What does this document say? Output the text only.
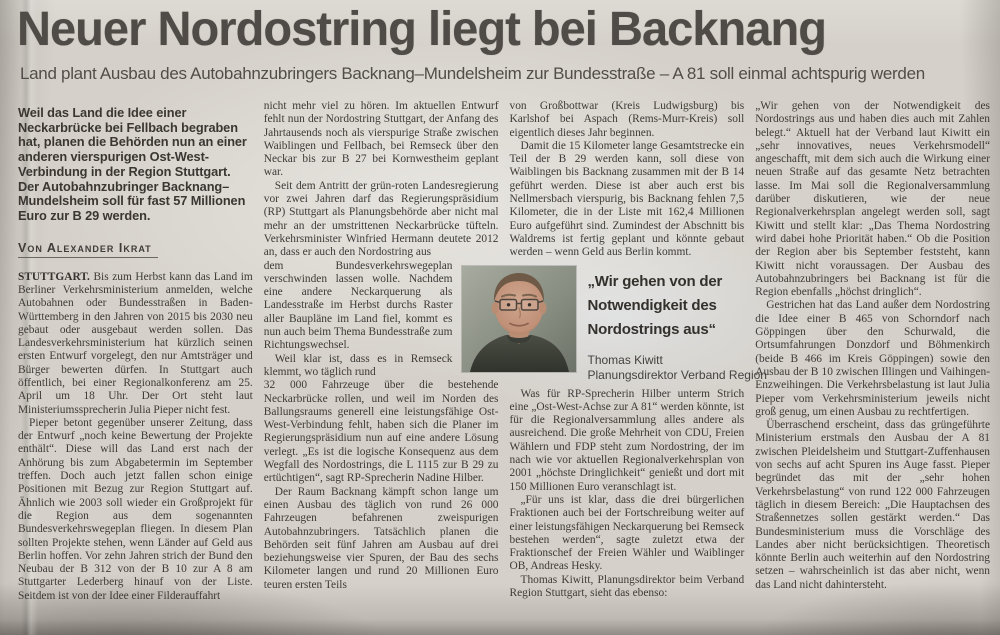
Neuer Nordostring liegt bei Backnang
Land plant Ausbau des Autobahnzubringers Backnang–Mundelsheim zur Bundesstraße – A 81 soll einmal achtspurig werden

Weil das Land die Idee einer Neckarbrücke bei Fellbach begraben hat, planen die Behörden nun an einer anderen vierspurigen Ost-West-Verbindung in der Region Stuttgart. Der Autobahnzubringer Backnang–Mundelsheim soll für fast 57 Millionen Euro zur B 29 werden.

Von Alexander Ikrat

STUTTGART. Bis zum Herbst kann das Land im Berliner Verkehrsministerium anmelden, welche Autobahnen oder Bundesstraßen in Baden-Württemberg in den Jahren von 2015 bis 2030 neu gebaut oder ausgebaut werden sollen. Das Landesverkehrsministerium hat kürzlich seinen ersten Entwurf vorgelegt, den nur Amtsträger und Bürger bewerten dürfen. In Stuttgart auch öffentlich, bei einer Regionalkonferenz am 25. April um 18 Uhr. Der Ort steht laut Ministeriumssprecherin Julia Pieper nicht fest.

Pieper betont gegenüber unserer Zeitung, dass der Entwurf „noch keine Bewertung der Projekte enthält“. Diese will das Land erst nach der Anhörung bis zum Abgabetermin im September treffen. Doch auch jetzt fallen schon einige Positionen mit Bezug zur Region Stuttgart auf. Ähnlich wie 2003 soll wieder ein Großprojekt für die Region aus dem sogenannten Bundesverkehrswegeplan fliegen. In diesem Plan sollten Projekte stehen, wenn Länder auf Geld aus Berlin hoffen. Vor zehn Jahren strich der Bund den Neubau der B 312 von der B 10 zur A 8 am Stuttgarter Lederberg hinauf von der Liste. Seitdem ist von der Idee einer Filderauffahrt

nicht mehr viel zu hören. Im aktuellen Entwurf fehlt nun der Nordostring Stuttgart, der Anfang des Jahrtausends noch als vierspurige Straße zwischen Waiblingen und Fellbach, bei Remseck über den Neckar bis zur B 27 bei Kornwestheim geplant war.

Seit dem Antritt der grün-roten Landesregierung vor zwei Jahren darf das Regierungspräsidium (RP) Stuttgart als Planungsbehörde aber nicht mal mehr an der umstrittenen Neckarbrücke tüfteln. Verkehrsminister Winfried Hermann deutete 2012 an, dass er auch den Nordostring aus

dem Bundesverkehrswegeplan verschwinden lassen wolle. Nachdem eine andere Neckarquerung als Landesstraße im Herbst durchs Raster aller Baupläne im Land fiel, kommt es nun auch beim Thema Bundesstraße zum Richtungswechsel.

Weil klar ist, dass es in Remseck klemmt, wo täglich rund

32 000 Fahrzeuge über die bestehende Neckarbrücke rollen, und weil im Norden des Ballungsraums generell eine leistungsfähige Ost-West-Verbindung fehlt, haben sich die Planer im Regierungspräsidium nun auf eine andere Lösung verlegt. „Es ist die logische Konsequenz aus dem Wegfall des Nordostrings, die L 1115 zur B 29 zu ertüchtigen“, sagt RP-Sprecherin Nadine Hilber.

Der Raum Backnang kämpft schon lange um einen Ausbau des täglich von rund 26 000 Fahrzeugen befahrenen zweispurigen Autobahnzubringers. Tatsächlich planen die Behörden seit fünf Jahren am Ausbau auf drei beziehungsweise vier Spuren, der Bau des sechs Kilometer langen und rund 20 Millionen Euro teuren ersten Teils

von Großbottwar (Kreis Ludwigsburg) bis Karlshof bei Aspach (Rems-Murr-Kreis) soll eigentlich dieses Jahr beginnen.

Damit die 15 Kilometer lange Gesamtstrecke ein Teil der B 29 werden kann, soll diese von Waiblingen bis Backnang zusammen mit der B 14 geführt werden. Diese ist aber auch erst bis Nellmersbach vierspurig, bis Backnang fehlen 7,5 Kilometer, die in der Liste mit 162,4 Millionen Euro aufgeführt sind. Zumindest der Abschnitt bis Waldrems ist fertig geplant und könnte gebaut werden – wenn Geld aus Berlin kommt.

„Wir gehen von der Notwendigkeit des Nordostrings aus“
Thomas Kiwitt
Planungsdirektor Verband Region

Was für RP-Sprecherin Hilber unterm Strich eine „Ost-West-Achse zur A 81“ werden könnte, ist für die Regionalversammlung alles andere als ausreichend. Die große Mehrheit von CDU, Freien Wählern und FDP steht zum Nordostring, der im nach wie vor aktuellen Regionalverkehrsplan von 2001 „höchste Dringlichkeit“ genießt und dort mit 150 Millionen Euro veranschlagt ist.

„Für uns ist klar, dass die drei bürgerlichen Fraktionen auch bei der Fortschreibung weiter auf einer leistungsfähigen Neckarquerung bei Remseck bestehen werden“, sagte zuletzt etwa der Fraktionschef der Freien Wähler und Waiblinger OB, Andreas Hesky.

Thomas Kiwitt, Planungsdirektor beim Verband Region Stuttgart, sieht das ebenso:

„Wir gehen von der Notwendigkeit des Nordostrings aus und haben dies auch mit Zahlen belegt.“ Aktuell hat der Verband laut Kiwitt ein „sehr innovatives, neues Verkehrsmodell“ angeschafft, mit dem sich auch die Wirkung einer neuen Straße auf das gesamte Netz betrachten lasse. Im Mai soll die Regionalversammlung darüber diskutieren, wie der neue Regionalverkehrsplan angelegt werden soll, sagt Kiwitt und stellt klar: „Das Thema Nordostring wird dabei hohe Priorität haben.“ Ob die Position der Region aber bis September feststeht, kann Kiwitt nicht voraussagen. Der Ausbau des Autobahnzubringers bei Backnang ist für die Region ebenfalls „höchst dringlich“.

Gestrichen hat das Land außer dem Nordostring die Idee einer B 465 von Schorndorf nach Göppingen über den Schurwald, die Ortsumfahrungen Donzdorf und Böhmenkirch (beide B 466 im Kreis Göppingen) sowie den Ausbau der B 10 zwischen Illingen und Vaihingen-Enzweihingen. Die Verkehrsbelastung ist laut Julia Pieper vom Verkehrsministerium jeweils nicht groß genug, um einen Ausbau zu rechtfertigen.

Überraschend erscheint, dass das grüngeführte Ministerium erstmals den Ausbau der A 81 zwischen Pleidelsheim und Stuttgart-Zuffenhausen von sechs auf acht Spuren ins Auge fasst. Pieper begründet das mit der „sehr hohen Verkehrsbelastung“ von rund 122 000 Fahrzeugen täglich in diesem Bereich: „Die Hauptachsen des Straßennetzes sollen gestärkt werden.“ Das Bundesministerium muss die Vorschläge des Landes aber nicht berücksichtigen. Theoretisch könnte Berlin auch weiterhin auf den Nordostring setzen – wahrscheinlich ist das aber nicht, wenn das Land nicht dahintersteht.
